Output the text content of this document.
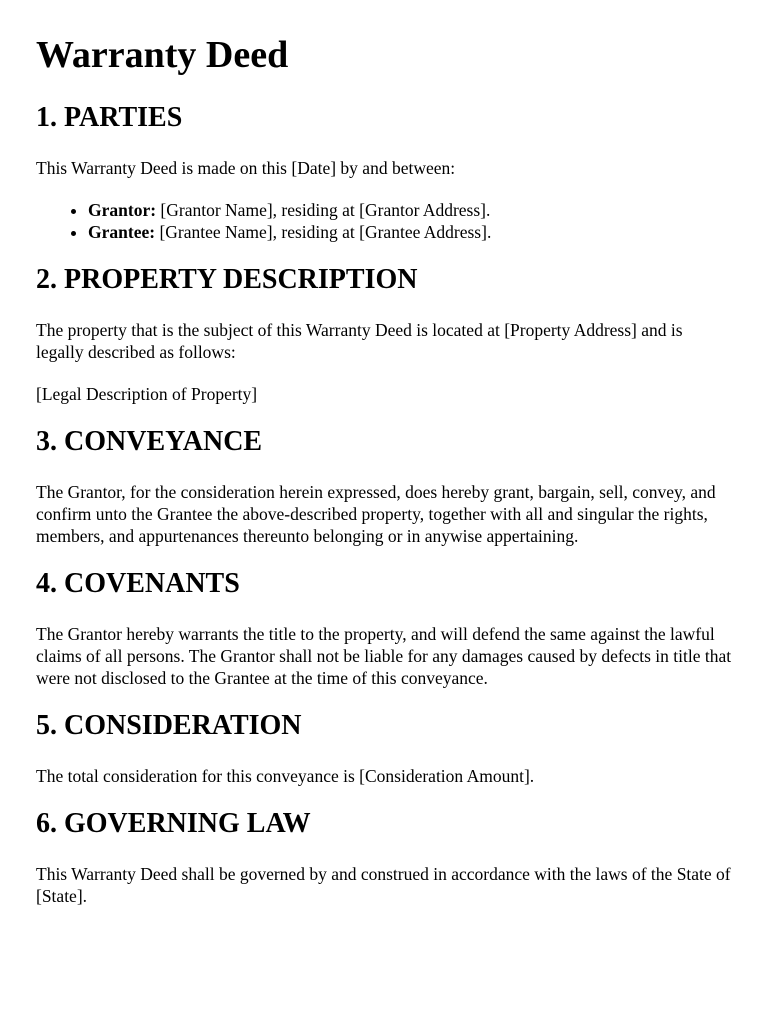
Warranty Deed
1. PARTIES

This Warranty Deed is made on this [Date] by and between:

• Grantor: [Grantor Name], residing at [Grantor Address].
• Grantee: [Grantee Name], residing at [Grantee Address].
2. PROPERTY DESCRIPTION

The property that is the subject of this Warranty Deed is located at [Property Address] and is legally described as follows:

[Legal Description of Property]

3. CONVEYANCE

The Grantor, for the consideration herein expressed, does hereby grant, bargain, sell, convey, and confirm unto the Grantee the above-described property, together with all and singular the rights, members, and appurtenances thereunto belonging or in anywise appertaining.

4. COVENANTS

The Grantor hereby warrants the title to the property, and will defend the same against the lawful claims of all persons. The Grantor shall not be liable for any damages caused by defects in title that were not disclosed to the Grantee at the time of this conveyance.

5. CONSIDERATION

The total consideration for this conveyance is [Consideration Amount].

6. GOVERNING LAW

This Warranty Deed shall be governed by and construed in accordance with the laws of the State of [State].
